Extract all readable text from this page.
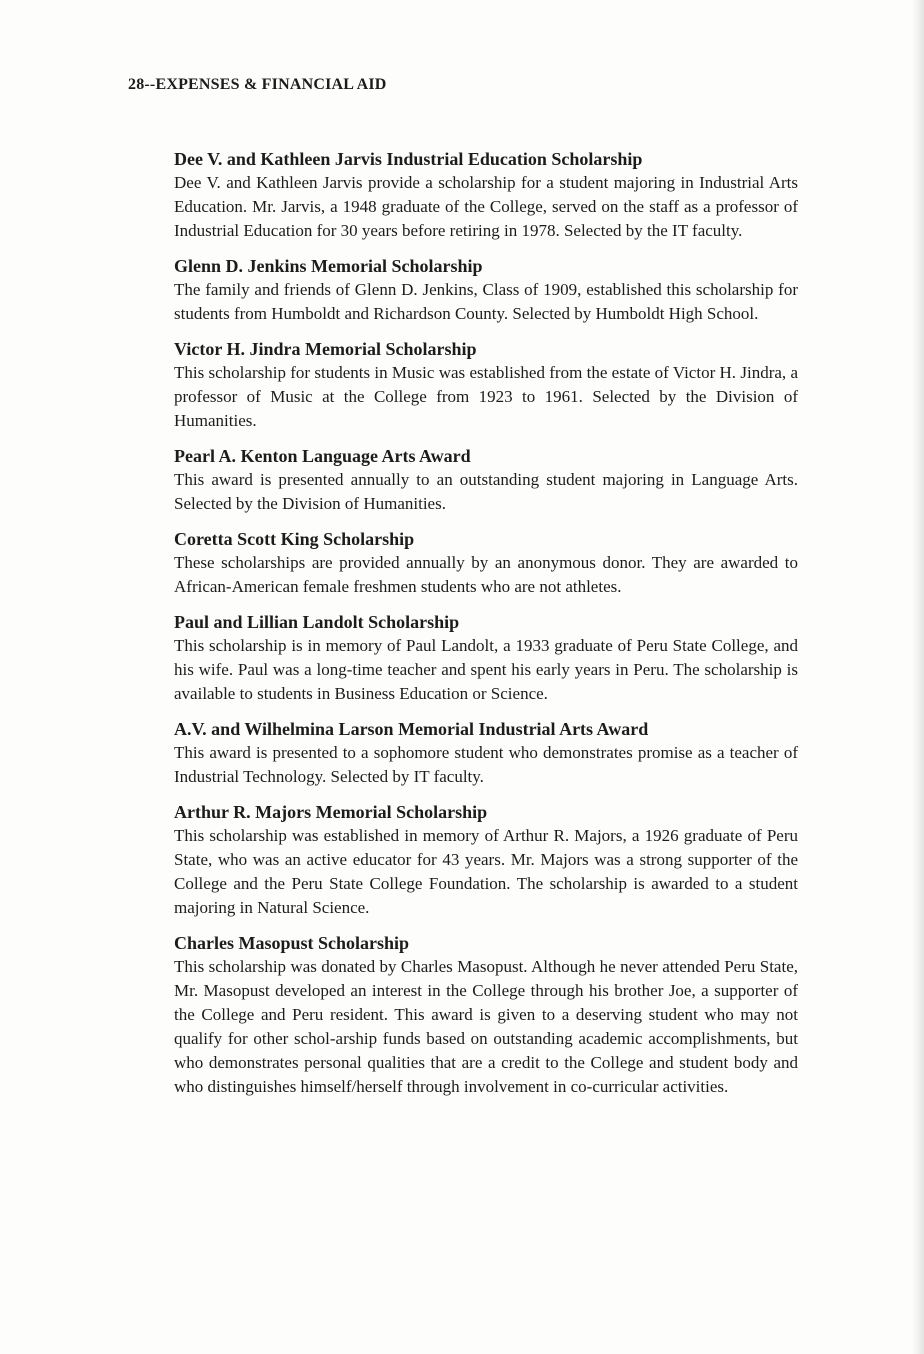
28--EXPENSES & FINANCIAL AID
Dee V. and Kathleen Jarvis Industrial Education Scholarship

Dee V. and Kathleen Jarvis provide a scholarship for a student majoring in Industrial Arts Education. Mr. Jarvis, a 1948 graduate of the College, served on the staff as a professor of Industrial Education for 30 years before retiring in 1978. Selected by the IT faculty.

Glenn D. Jenkins Memorial Scholarship

The family and friends of Glenn D. Jenkins, Class of 1909, established this scholarship for students from Humboldt and Richardson County. Selected by Humboldt High School.

Victor H. Jindra Memorial Scholarship

This scholarship for students in Music was established from the estate of Victor H. Jindra, a professor of Music at the College from 1923 to 1961. Selected by the Division of Humanities.

Pearl A. Kenton Language Arts Award

This award is presented annually to an outstanding student majoring in Language Arts. Selected by the Division of Humanities.

Coretta Scott King Scholarship

These scholarships are provided annually by an anonymous donor. They are awarded to African-American female freshmen students who are not athletes.

Paul and Lillian Landolt Scholarship

This scholarship is in memory of Paul Landolt, a 1933 graduate of Peru State College, and his wife. Paul was a long-time teacher and spent his early years in Peru. The scholarship is available to students in Business Education or Science.

A.V. and Wilhelmina Larson Memorial Industrial Arts Award

This award is presented to a sophomore student who demonstrates promise as a teacher of Industrial Technology. Selected by IT faculty.

Arthur R. Majors Memorial Scholarship

This scholarship was established in memory of Arthur R. Majors, a 1926 graduate of Peru State, who was an active educator for 43 years. Mr. Majors was a strong supporter of the College and the Peru State College Foundation. The scholarship is awarded to a student majoring in Natural Science.

Charles Masopust Scholarship

This scholarship was donated by Charles Masopust. Although he never attended Peru State, Mr. Masopust developed an interest in the College through his brother Joe, a supporter of the College and Peru resident. This award is given to a deserving student who may not qualify for other schol-arship funds based on outstanding academic accomplishments, but who demonstrates personal qualities that are a credit to the College and student body and who distinguishes himself/herself through involvement in co-curricular activities.
